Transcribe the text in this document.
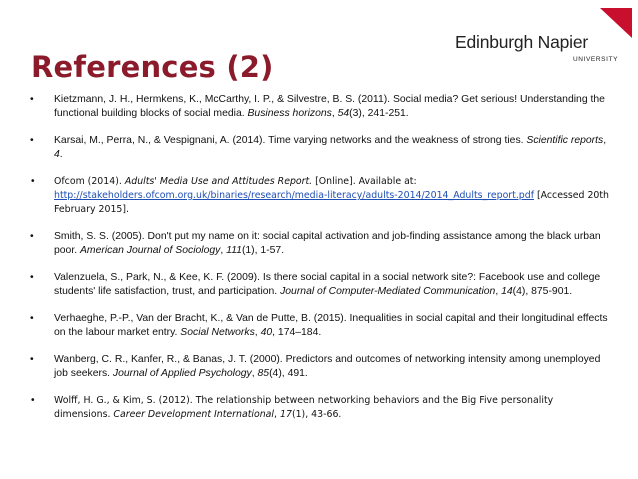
References (2)
Edinburgh Napier
UNIVERSITY
• Kietzmann, J. H., Hermkens, K., McCarthy, I. P., & Silvestre, B. S. (2011). Social media? Get serious! Understanding the functional building blocks of social media. Business horizons, 54(3), 241-251.
• Karsai, M., Perra, N., & Vespignani, A. (2014). Time varying networks and the weakness of strong ties. Scientific reports, 4.
• Ofcom (2014). Adults' Media Use and Attitudes Report. [Online]. Available at: http://stakeholders.ofcom.org.uk/binaries/research/media-literacy/adults-2014/2014_Adults_report.pdf [Accessed 20th February 2015].
• Smith, S. S. (2005). Don't put my name on it: social capital activation and job-finding assistance among the black urban poor. American Journal of Sociology, 111(1), 1-57.
• Valenzuela, S., Park, N., & Kee, K. F. (2009). Is there social capital in a social network site?: Facebook use and college students' life satisfaction, trust, and participation. Journal of Computer-Mediated Communication, 14(4), 875-901.
• Verhaeghe, P.-P., Van der Bracht, K., & Van de Putte, B. (2015). Inequalities in social capital and their longitudinal effects on the labour market entry. Social Networks, 40, 174–184.
• Wanberg, C. R., Kanfer, R., & Banas, J. T. (2000). Predictors and outcomes of networking intensity among unemployed job seekers. Journal of Applied Psychology, 85(4), 491.
• Wolff, H. G., & Kim, S. (2012). The relationship between networking behaviors and the Big Five personality dimensions. Career Development International, 17(1), 43-66.
